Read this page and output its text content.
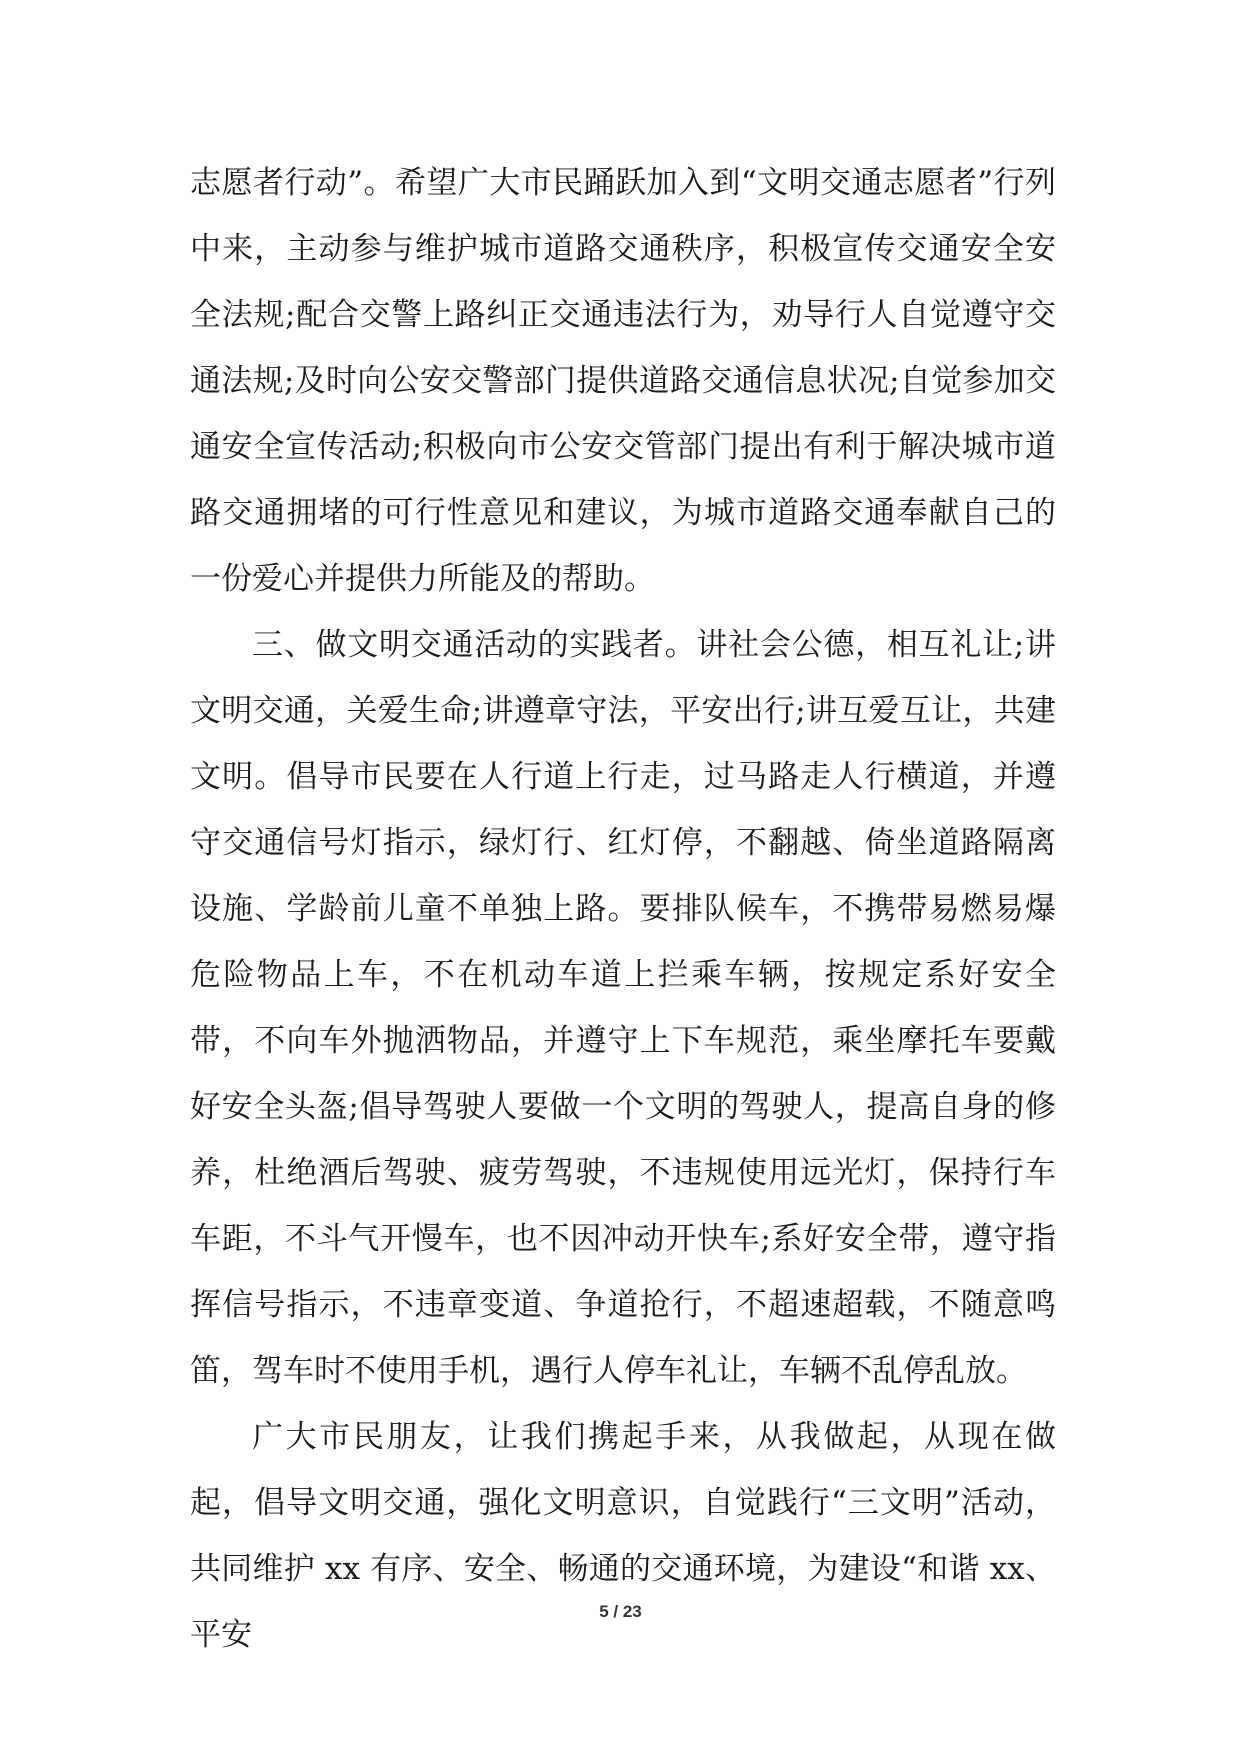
志愿者行动”。希望广大市民踊跃加入到“文明交通志愿者”行列中来，主动参与维护城市道路交通秩序，积极宣传交通安全安全法规;配合交警上路纠正交通违法行为，劝导行人自觉遵守交通法规;及时向公安交警部门提供道路交通信息状况;自觉参加交通安全宣传活动;积极向市公安交管部门提出有利于解决城市道路交通拥堵的可行性意见和建议，为城市道路交通奉献自己的一份爱心并提供力所能及的帮助。

三、做文明交通活动的实践者。讲社会公德，相互礼让;讲文明交通，关爱生命;讲遵章守法，平安出行;讲互爱互让，共建文明。倡导市民要在人行道上行走，过马路走人行横道，并遵守交通信号灯指示，绿灯行、红灯停，不翻越、倚坐道路隔离设施、学龄前儿童不单独上路。要排队候车，不携带易燃易爆危险物品上车，不在机动车道上拦乘车辆，按规定系好安全带，不向车外抛洒物品，并遵守上下车规范，乘坐摩托车要戴好安全头盔;倡导驾驶人要做一个文明的驾驶人，提高自身的修养，杜绝酒后驾驶、疲劳驾驶，不违规使用远光灯，保持行车车距，不斗气开慢车，也不因冲动开快车;系好安全带，遵守指挥信号指示，不违章变道、争道抢行，不超速超载，不随意鸣笛，驾车时不使用手机，遇行人停车礼让，车辆不乱停乱放。

广大市民朋友，让我们携起手来，从我做起，从现在做起，倡导文明交通，强化文明意识，自觉践行“三文明”活动，共同维护 xx 有序、安全、畅通的交通环境，为建设“和谐 xx、平安

5 / 23
